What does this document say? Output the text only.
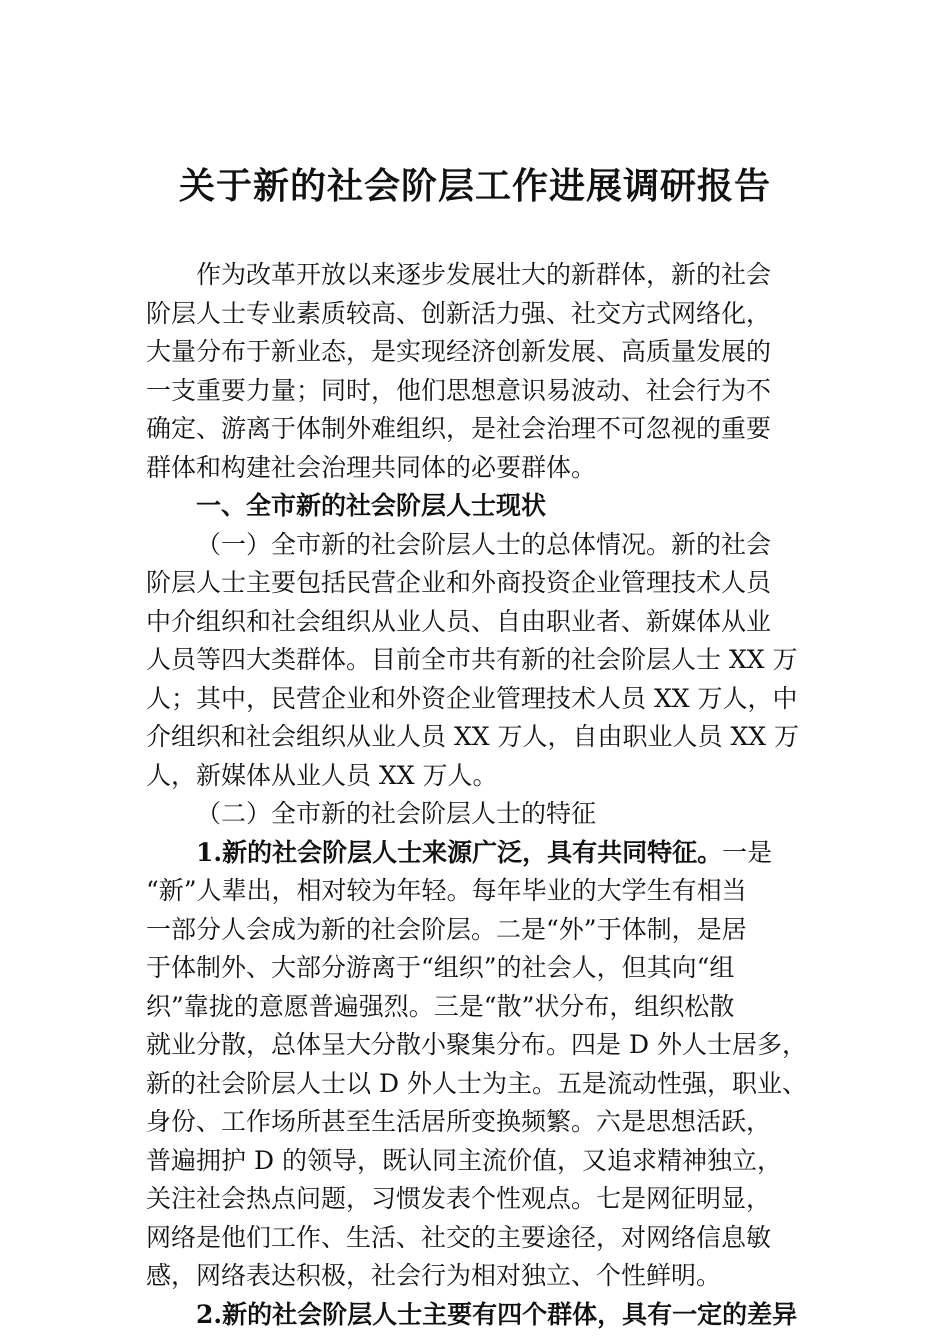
关于新的社会阶层工作进展调研报告
作为改革开放以来逐步发展壮大的新群体，新的社会
阶层人士专业素质较高、创新活力强、社交方式网络化，
大量分布于新业态，是实现经济创新发展、高质量发展的
一支重要力量；同时，他们思想意识易波动、社会行为不
确定、游离于体制外难组织，是社会治理不可忽视的重要
群体和构建社会治理共同体的必要群体。
一、全市新的社会阶层人士现状
（一）全市新的社会阶层人士的总体情况。新的社会
阶层人士主要包括民营企业和外商投资企业管理技术人员
中介组织和社会组织从业人员、自由职业者、新媒体从业
人员等四大类群体。目前全市共有新的社会阶层人士 XX 万
人；其中，民营企业和外资企业管理技术人员 XX 万人，中
介组织和社会组织从业人员 XX 万人，自由职业人员 XX 万
人，新媒体从业人员 XX 万人。
（二）全市新的社会阶层人士的特征
1.新的社会阶层人士来源广泛，具有共同特征。一是
“新”人辈出，相对较为年轻。每年毕业的大学生有相当
一部分人会成为新的社会阶层。二是“外”于体制，是居
于体制外、大部分游离于“组织”的社会人，但其向“组
织”靠拢的意愿普遍强烈。三是“散”状分布，组织松散
就业分散，总体呈大分散小聚集分布。四是 D 外人士居多，
新的社会阶层人士以 D 外人士为主。五是流动性强，职业、
身份、工作场所甚至生活居所变换频繁。六是思想活跃，
普遍拥护 D 的领导，既认同主流价值，又追求精神独立，
关注社会热点问题，习惯发表个性观点。七是网征明显，
网络是他们工作、生活、社交的主要途径，对网络信息敏
感，网络表达积极，社会行为相对独立、个性鲜明。
2.新的社会阶层人士主要有四个群体，具有一定的差异
